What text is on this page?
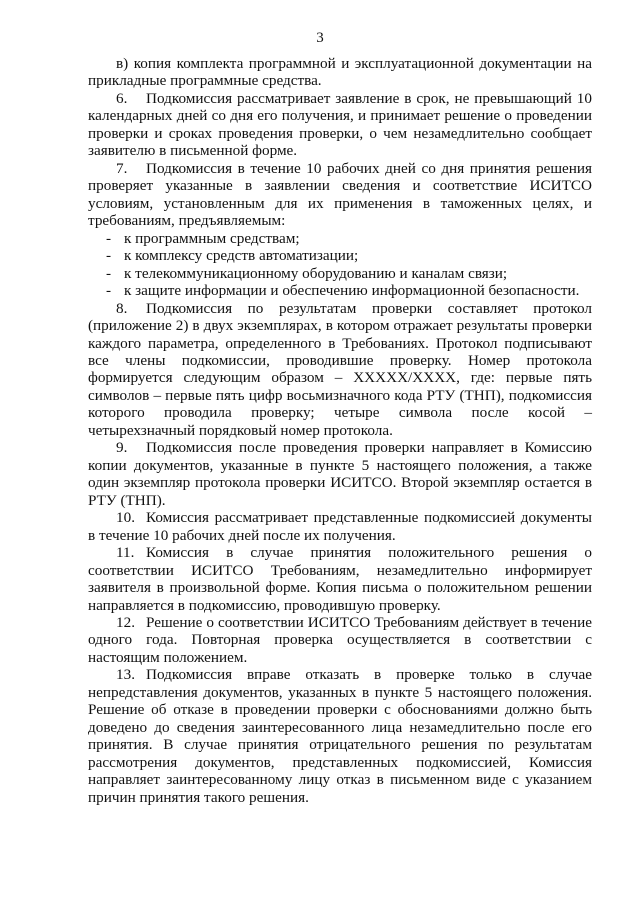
3

в) копия комплекта программной и эксплуатационной документации на прикладные программные средства.

6. Подкомиссия рассматривает заявление в срок, не превышающий 10 календарных дней со дня его получения, и принимает решение о проведении проверки и сроках проведения проверки, о чем незамедлительно сообщает заявителю в письменной форме.

7. Подкомиссия в течение 10 рабочих дней со дня принятия решения проверяет указанные в заявлении сведения и соответствие ИСИТСО условиям, установленным для их применения в таможенных целях, и требованиям, предъявляемым:

- к программным средствам;
- к комплексу средств автоматизации;
- к телекоммуникационному оборудованию и каналам связи;
- к защите информации и обеспечению информационной безопасности.

8. Подкомиссия по результатам проверки составляет протокол (приложение 2) в двух экземплярах, в котором отражает результаты проверки каждого параметра, определенного в Требованиях. Протокол подписывают все члены подкомиссии, проводившие проверку. Номер протокола формируется следующим образом – XXXXX/XXXX, где: первые пять символов – первые пять цифр восьмизначного кода РТУ (ТНП), подкомиссия которого проводила проверку; четыре символа после косой – четырехзначный порядковый номер протокола.

9. Подкомиссия после проведения проверки направляет в Комиссию копии документов, указанные в пункте 5 настоящего положения, а также один экземпляр протокола проверки ИСИТСО. Второй экземпляр остается в РТУ (ТНП).

10. Комиссия рассматривает представленные подкомиссией документы в течение 10 рабочих дней после их получения.

11. Комиссия в случае принятия положительного решения о соответствии ИСИТСО Требованиям, незамедлительно информирует заявителя в произвольной форме. Копия письма о положительном решении направляется в подкомиссию, проводившую проверку.

12. Решение о соответствии ИСИТСО Требованиям действует в течение одного года. Повторная проверка осуществляется в соответствии с настоящим положением.

13. Подкомиссия вправе отказать в проверке только в случае непредставления документов, указанных в пункте 5 настоящего положения. Решение об отказе в проведении проверки с обоснованиями должно быть доведено до сведения заинтересованного лица незамедлительно после его принятия. В случае принятия отрицательного решения по результатам рассмотрения документов, представленных подкомиссией, Комиссия направляет заинтересованному лицу отказ в письменном виде с указанием причин принятия такого решения.
